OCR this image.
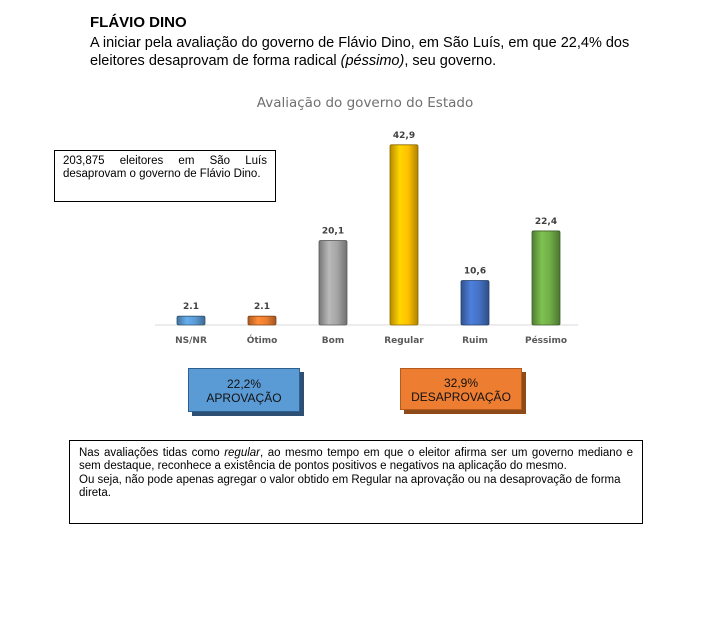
FLÁVIO DINO
A iniciar pela avaliação do governo de Flávio Dino, em São Luís, em que 22,4% dos eleitores desaprovam de forma radical (péssimo), seu governo.
Avaliação do governo do Estado
2.1
NS/NR
2.1
Ótimo
20,1
Bom
42,9
Regular
10,6
Ruim
22,4
Péssimo
203,875 eleitores em São Luís desaprovam o governo de Flávio Dino.
22,2%
APROVAÇÃO
32,9%
DESAPROVAÇÃO
Nas avaliações tidas como regular, ao mesmo tempo em que o eleitor afirma ser um governo mediano e sem destaque, reconhece a existência de pontos positivos e negativos na aplicação do mesmo.
Ou seja, não pode apenas agregar o valor obtido em Regular na aprovação ou na desaprovação de forma direta.
